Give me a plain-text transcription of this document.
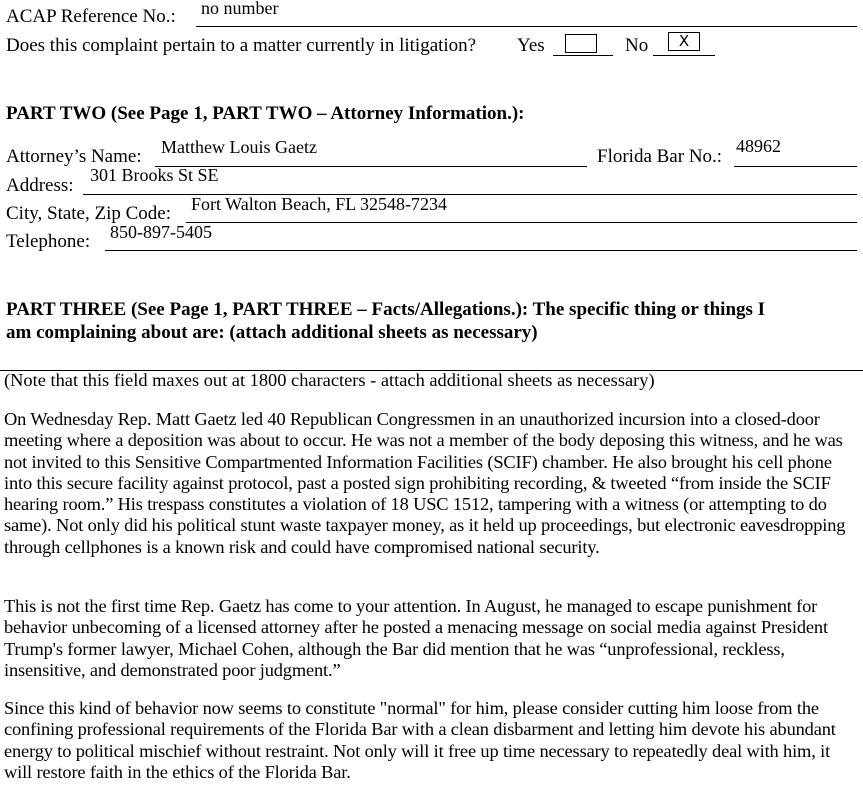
ACAP Reference No.: no number
Does this complaint pertain to a matter currently in litigation? Yes	No	X
PART TWO (See Page 1, PART TWO – Attorney Information.):
Attorney’s Name: Matthew Louis Gaetz	Florida Bar No.: 48962
Address: 301 Brooks St SE
City, State, Zip Code: Fort Walton Beach, FL 32548-7234
Telephone: 850-897-5405
PART THREE (See Page 1, PART THREE – Facts/Allegations.): The specific thing or things I
am complaining about are: (attach additional sheets as necessary)
(Note that this field maxes out at 1800 characters - attach additional sheets as necessary)
On Wednesday Rep. Matt Gaetz led 40 Republican Congressmen in an unauthorized incursion into a closed-door meeting where a deposition was about to occur. He was not a member of the body deposing this witness, and he was not invited to this Sensitive Compartmented Information Facilities (SCIF) chamber. He also brought his cell phone into this secure facility against protocol, past a posted sign prohibiting recording, & tweeted “from inside the SCIF hearing room.” His trespass constitutes a violation of 18 USC 1512, tampering with a witness (or attempting to do same). Not only did his political stunt waste taxpayer money, as it held up proceedings, but electronic eavesdropping through cellphones is a known risk and could have compromised national security.
This is not the first time Rep. Gaetz has come to your attention. In August, he managed to escape punishment for behavior unbecoming of a licensed attorney after he posted a menacing message on social media against President Trump's former lawyer, Michael Cohen, although the Bar did mention that he was “unprofessional, reckless, insensitive, and demonstrated poor judgment.”
Since this kind of behavior now seems to constitute "normal" for him, please consider cutting him loose from the confining professional requirements of the Florida Bar with a clean disbarment and letting him devote his abundant energy to political mischief without restraint. Not only will it free up time necessary to repeatedly deal with him, it will restore faith in the ethics of the Florida Bar.
